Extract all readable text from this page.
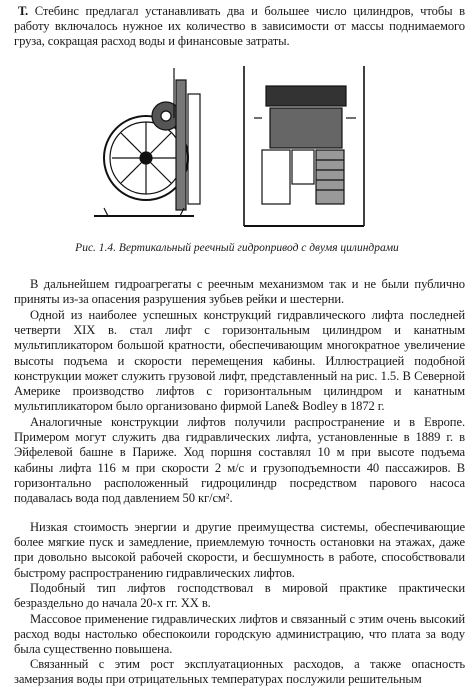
Т. Стебинс предлагал устанавливать два и большее число цилиндров, чтобы в работу включалось нужное их количество в зависимости от массы поднимаемого груза, сокращая расход воды и финансовые затраты.

Рис. 1.4. Вертикальный реечный гидропривод с двумя цилиндрами

В дальнейшем гидроагрегаты с реечным механизмом так и не были публично приняты из-за опасения разрушения зубьев рейки и шестерни.

Одной из наиболее успешных конструкций гидравлического лифта последней четверти XIX в. стал лифт с горизонтальным цилиндром и канатным мультипликатором большой кратности, обеспечивающим многократное увеличение высоты подъема и скорости перемещения кабины. Иллюстрацией подобной конструкции может служить грузовой лифт, представленный на рис. 1.5. В Северной Америке производство лифтов с горизонтальным цилиндром и канатным мультипликатором было организовано фирмой Lane& Bodley в 1872 г.

Аналогичные конструкции лифтов получили распространение и в Европе. Примером могут служить два гидравлических лифта, установленные в 1889 г. в Эйфелевой башне в Париже. Ход поршня составлял 10 м при высоте подъема кабины лифта 116 м при скорости 2 м/с и грузоподъемности 40 пассажиров. В горизонтально расположенный гидроцилиндр посредством парового насоса подавалась вода под давлением 50 кг/см².

Низкая стоимость энергии и другие преимущества системы, обеспечивающие более мягкие пуск и замедление, приемлемую точность остановки на этажах, даже при довольно высокой рабочей скорости, и бесшумность в работе, способствовали быстрому распространению гидравлических лифтов.

Подобный тип лифтов господствовал в мировой практике практически безраздельно до начала 20-х гг. XX в.

Массовое применение гидравлических лифтов и связанный с этим очень высокий расход воды настолько обеспокоили городскую администрацию, что плата за воду была существенно повышена.

Связанный с этим рост эксплуатационных расходов, а также опасность замерзания воды при отрицательных температурах послужили решительным
